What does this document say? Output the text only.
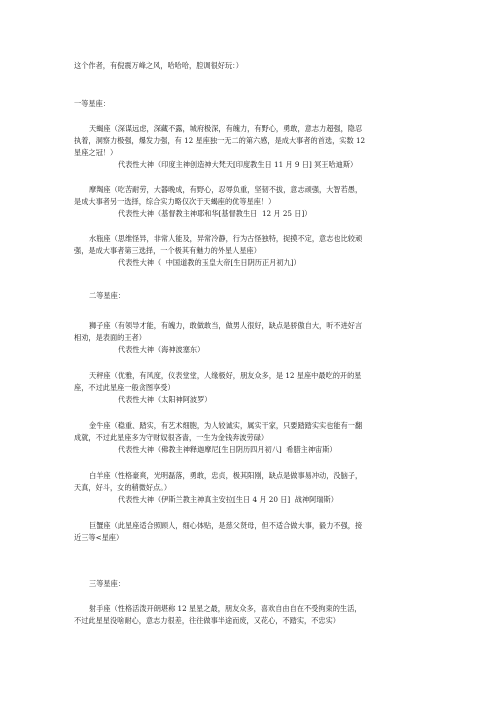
这个作者，有倪震万峰之风，哈哈哈，腔调很好玩：）
一等星座：
天蝎座（深谋远虑，深藏不露，城府极深，有魄力，有野心，勇敢，意志力超强，隐忍
执着，洞察力极强，爆发力强，有 12 星座独一无二的第六感，是成大事者的首选，实数 12
星座之冠！）
代表性大神（印度主神创造神大梵天[印度教生日 11 月 9 日] 冥王哈迪斯）
摩羯座（吃苦耐劳，大器晚成，有野心，忍辱负重，坚韧不拔，意志顽强，大智若愚，
是成大事者另一选择，综合实力略仅次于天蝎座的优等星座！）
代表性大神（基督教主神耶和华[基督教生日  12 月 25 日]）
水瓶座（思维怪异，非常人能及，异常冷静，行为古怪独特，捉摸不定，意志也比较顽
强，是成大事者第三选择，一个极其有魅力的外星人星座）
代表性大神（  中国道教的玉皇大帝[生日阴历正月初九]）
二等星座：
狮子座（有领导才能，有魄力，敢做敢当，做男人很好，缺点是骄傲自大，听不进好言
相劝，是表面的王者）
代表性大神（海神波塞东）
天秤座（优雅，有风度，仪表堂堂，人缘极好，朋友众多，是 12 星座中最吃的开的星
座，不过此星座一般贪图享受）
代表性大神（太阳神阿波罗）
金牛座（稳重、踏实，有艺术细胞，为人较诚实，属实干家，只要踏踏实实也能有一翻
成就，不过此星座多为守财奴很吝啬，一生为金钱奔波劳碌）
代表性大神（佛教主神释迦摩尼[生日阴历四月初八]  希腊主神宙斯）
白羊座（性格豪爽，光明磊落，勇敢，忠贞，极其阳刚，缺点是做事易冲动，没脑子，
天真，好斗，女的稍微好点。）
代表性大神（伊斯兰教主神真主安拉[生日 4 月 20 日]  战神阿瑞斯）
巨蟹座（此星座适合照顾人，细心体贴，是慈父贤母，但不适合做大事，毅力不强，接
近三等<星座）
三等星座：
射手座（性格活泼开朗堪称 12 星星之最，朋友众多，喜欢自由自在不受拘束的生活，
不过此星星没啥耐心，意志力很差，往往做事半途而废，又花心，不踏实，不忠实）
